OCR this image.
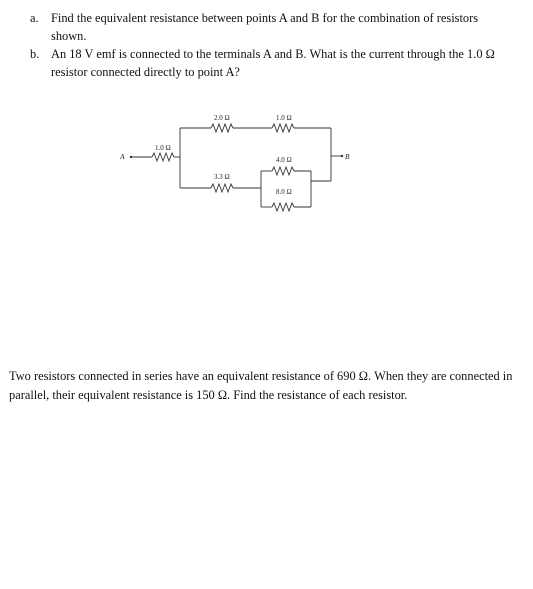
a. Find the equivalent resistance between points A and B for the combination of resistors shown.
b. An 18 V emf is connected to the terminals A and B. What is the current through the 1.0 Ω resistor connected directly to point A?
A
1.0 Ω
2.0 Ω	1.0 Ω
B
3.3 Ω
4.0 Ω
8.0 Ω
Two resistors connected in series have an equivalent resistance of 690 Ω. When they are connected in parallel, their equivalent resistance is 150 Ω. Find the resistance of each resistor.
